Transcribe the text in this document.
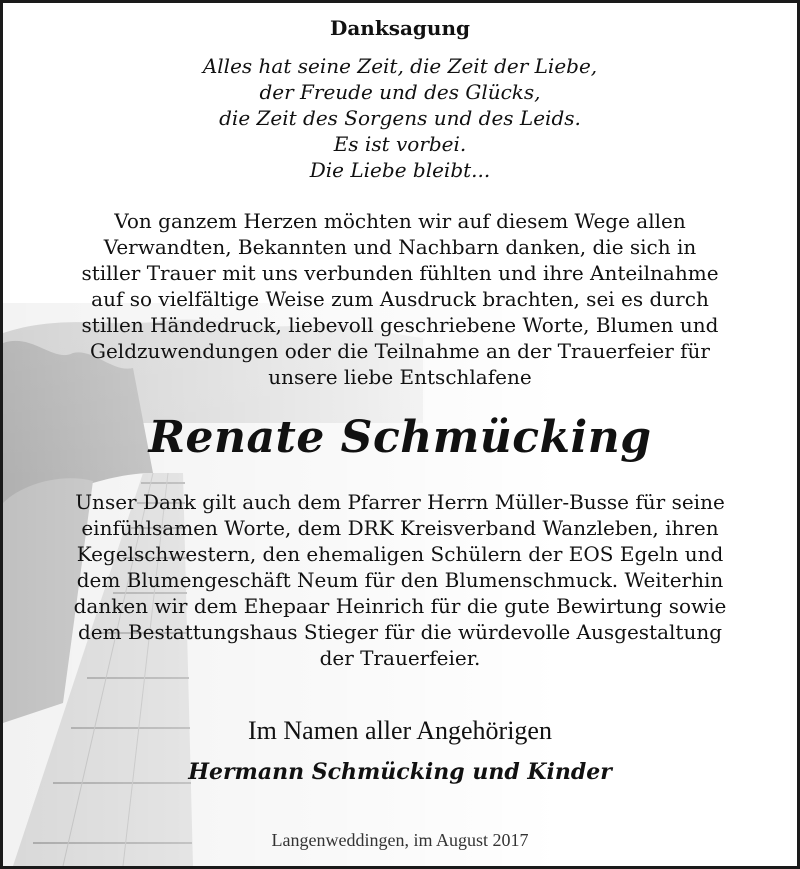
Danksagung
Alles hat seine Zeit, die Zeit der Liebe,
der Freude und des Glücks,
die Zeit des Sorgens und des Leids.
Es ist vorbei.
Die Liebe bleibt...
Von ganzem Herzen möchten wir auf diesem Wege allen
Verwandten, Bekannten und Nachbarn danken, die sich in
stiller Trauer mit uns verbunden fühlten und ihre Anteilnahme
auf so vielfältige Weise zum Ausdruck brachten, sei es durch
stillen Händedruck, liebevoll geschriebene Worte, Blumen und
Geldzuwendungen oder die Teilnahme an der Trauerfeier für
unsere liebe Entschlafene
Renate Schmücking
Unser Dank gilt auch dem Pfarrer Herrn Müller-Busse für seine
einfühlsamen Worte, dem DRK Kreisverband Wanzleben, ihren
Kegelschwestern, den ehemaligen Schülern der EOS Egeln und
dem Blumengeschäft Neum für den Blumenschmuck. Weiterhin
danken wir dem Ehepaar Heinrich für die gute Bewirtung sowie
dem Bestattungshaus Stieger für die würdevolle Ausgestaltung
der Trauerfeier.
Im Namen aller Angehörigen
Hermann Schmücking und Kinder
Langenweddingen, im August 2017
